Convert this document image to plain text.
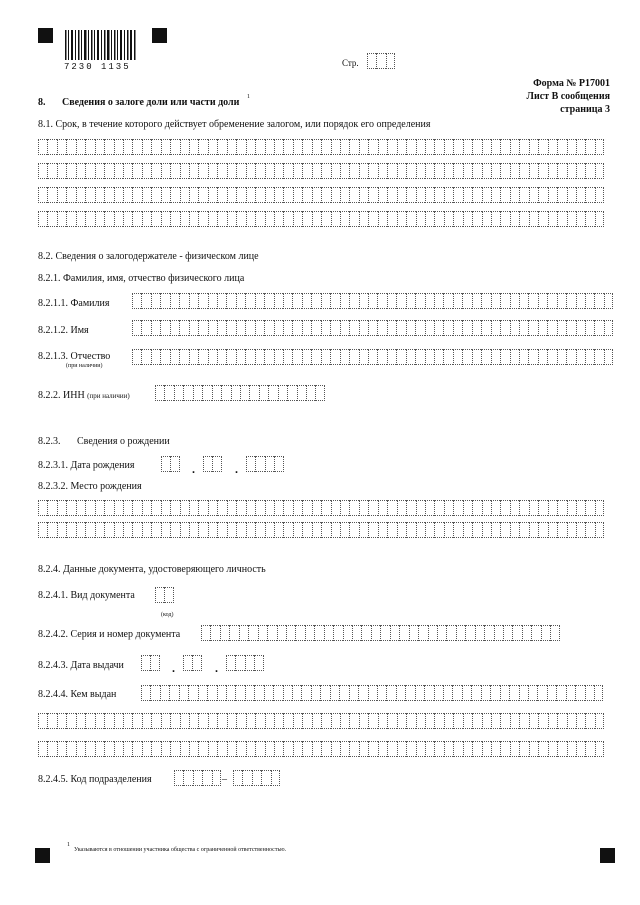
7230 1135	Стр.
Форма № Р17001
Лист В сообщения
страница 3
8. Сведения о залоге доли или части доли 1
8.1. Срок, в течение которого действует обременение залогом, или порядок его определения
8.2. Сведения о залогодержателе - физическом лице
8.2.1. Фамилия, имя, отчество физического лица
8.2.1.1. Фамилия
8.2.1.2. Имя
8.2.1.3. Отчество
(при наличии)
8.2.2. ИНН (при наличии)
8.2.3. Сведения о рождении
8.2.3.1. Дата рождения	.	.
8.2.3.2. Место рождения
8.2.4. Данные документа, удостоверяющего личность
8.2.4.1. Вид документа
(код)
8.2.4.2. Серия и номер документа
8.2.4.3. Дата выдачи	.	.
8.2.4.4. Кем выдан
8.2.4.5. Код подразделения	–
1
Указываются в отношении участника общества с ограниченной ответственностью.
